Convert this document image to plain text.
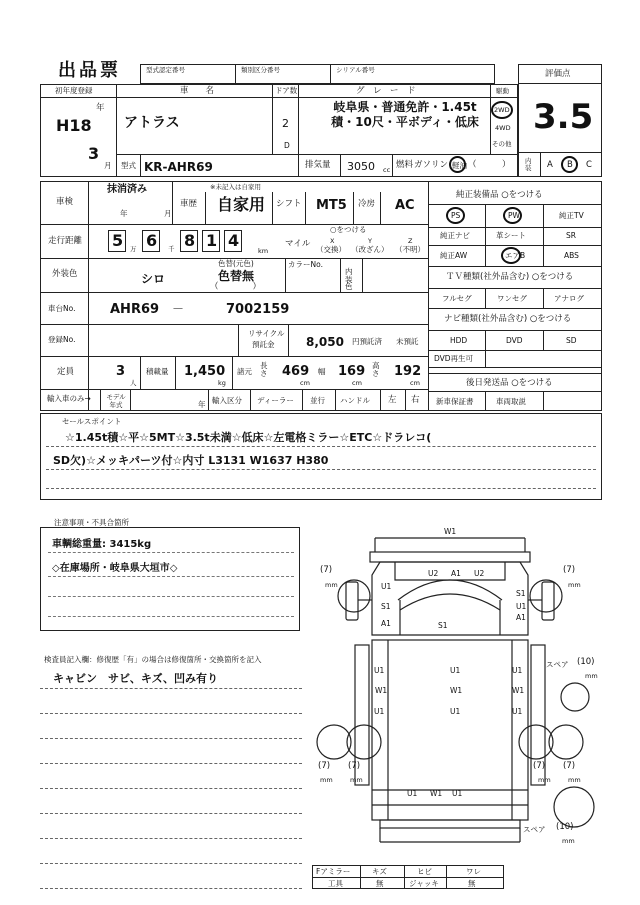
出品票	型式認定番号	類別区分番号	シリアル番号	評価点
3.5
内装 A B C
初年度登録
H18
年
3
月
車　　名
アトラス
ドア数
2
D
グ　レ　ー　ド
岐阜県・普通免許・1.45t積・10尺・平ボディ・低床
駆動
2WD
4WD
その他
型式 KR-AHR69	排気量 3050 cc 燃料 ガソリン 軽油 （　　　）
車検
抹消済み
年	月
※未記入は自家用
車歴 自家用 シフト MT5 冷房 AC
走行距離 5 万 6 千 8 1 4
km
マイル
○をつける
X
（交換）
Y
（改ざん）
Z
（不明）
外装色	シロ
色替(元色)
色替無
（　　　　）
カラーNo.
内装色
車台No.	AHR69 －	7002159
登録No.
リサイクル
預託金	8,050 円預託済 未預託
定員	3
人
積載量 1,450
kg
諸元
長さ 469
cm
幅 169
cm
高さ 192
cm
輸入車のみ→	モデル年式	年 輸入区分 ディーラー 並行 ハンドル 左 右
純正装備品 ○をつける
PS	PW	純正TV
純正ナビ	革シート	SR
純正AW	エアB	ABS
ＴＶ種類(社外品含む) ○をつける
フルセグ	ワンセグ	アナログ
ナビ種類(社外品含む) ○をつける
HDD	DVD	SD
DVD再生可
後日発送品 ○をつける
新車保証書	車両取説
セールスポイント
☆1.45t積☆平☆5MT☆3.5t未満☆低床☆左電格ミラー☆ETC☆ドラレコ(
SD欠)☆メッキパーツ付☆内寸 L3131 W1637 H380
注意事項・不具合箇所
車輌総重量: 3415kg
◇在庫場所・岐阜県大垣市◇
検査員記入欄：修復歴「有」の場合は修復箇所・交換箇所を記入
キャビン　サビ、キズ、凹み有り
W1
U2 A1 U2
U1
S1
A1	S1
S1
U1
A1
U1	U1	U1
W1	W1	W1
U1	U1	U1
U1 W1 U1
(7)
mm
(7)
mm
(7)
mm
(7)
mm
(7)
mm
(7)
mm
スペア (10)
mm
スペア (10)
mm
Fアミラー	キズ	ヒビ	ワレ
工具	無	ジャッキ	無
